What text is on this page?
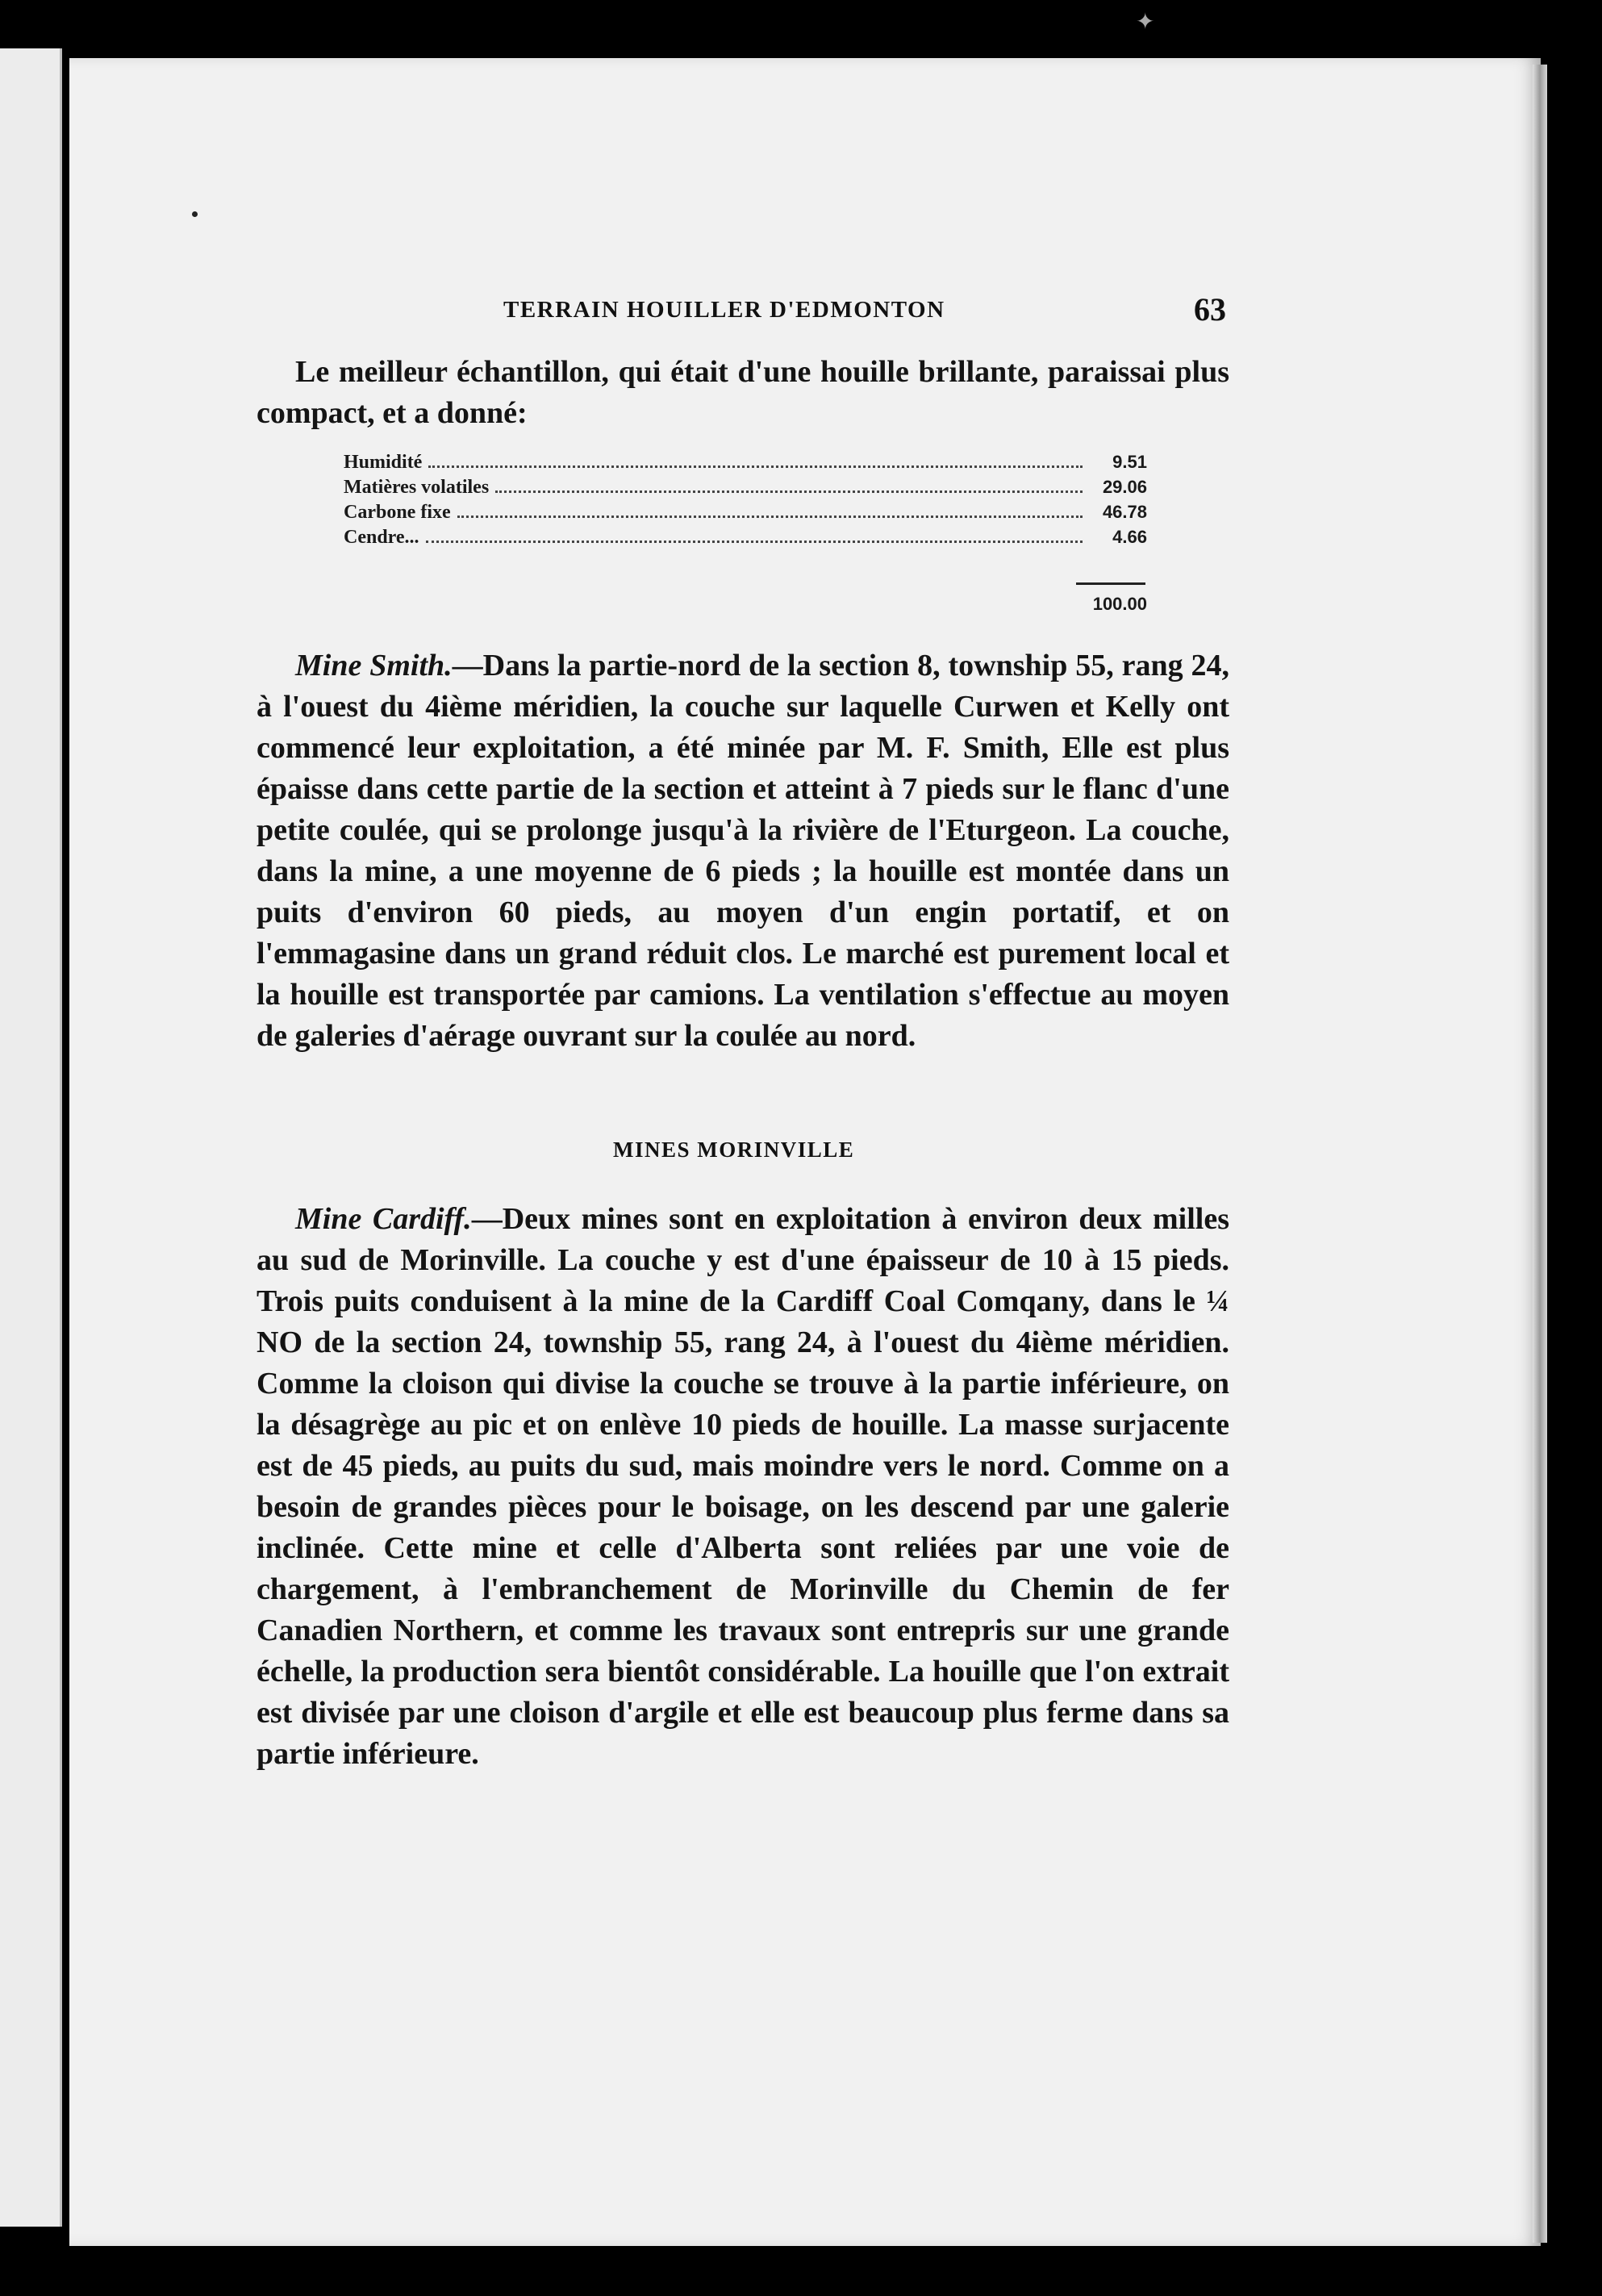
✦
TERRAIN HOUILLER D'EDMONTON	63

Le meilleur échantillon, qui était d'une houille brillante, paraissai plus compact, et a donné:

Humidité	9.51
Matières volatiles	29.06
Carbone fixe	46.78
Cendre...	4.66
100.00

Mine Smith.—Dans la partie-nord de la section 8, township 55, rang 24, à l'ouest du 4ième méridien, la couche sur laquelle Curwen et Kelly ont commencé leur exploitation, a été minée par M. F. Smith, Elle est plus épaisse dans cette partie de la section et atteint à 7 pieds sur le flanc d'une petite coulée, qui se prolonge jusqu'à la rivière de l'Eturgeon. La couche, dans la mine, a une moyenne de 6 pieds ; la houille est montée dans un puits d'environ 60 pieds, au moyen d'un engin portatif, et on l'emmagasine dans un grand réduit clos. Le marché est purement local et la houille est transportée par camions. La ventilation s'effectue au moyen de galeries d'aérage ouvrant sur la coulée au nord.

MINES MORINVILLE

Mine Cardiff.—Deux mines sont en exploitation à environ deux milles au sud de Morinville. La couche y est d'une épaisseur de 10 à 15 pieds. Trois puits conduisent à la mine de la Cardiff Coal Comqany, dans le ¼ NO de la section 24, township 55, rang 24, à l'ouest du 4ième méridien. Comme la cloison qui divise la couche se trouve à la partie inférieure, on la désagrège au pic et on enlève 10 pieds de houille. La masse surjacente est de 45 pieds, au puits du sud, mais moindre vers le nord. Comme on a besoin de grandes pièces pour le boisage, on les descend par une galerie inclinée. Cette mine et celle d'Alberta sont reliées par une voie de chargement, à l'embranchement de Morinville du Chemin de fer Canadien Northern, et comme les travaux sont entrepris sur une grande échelle, la production sera bientôt considérable. La houille que l'on extrait est divisée par une cloison d'argile et elle est beaucoup plus ferme dans sa partie inférieure.
